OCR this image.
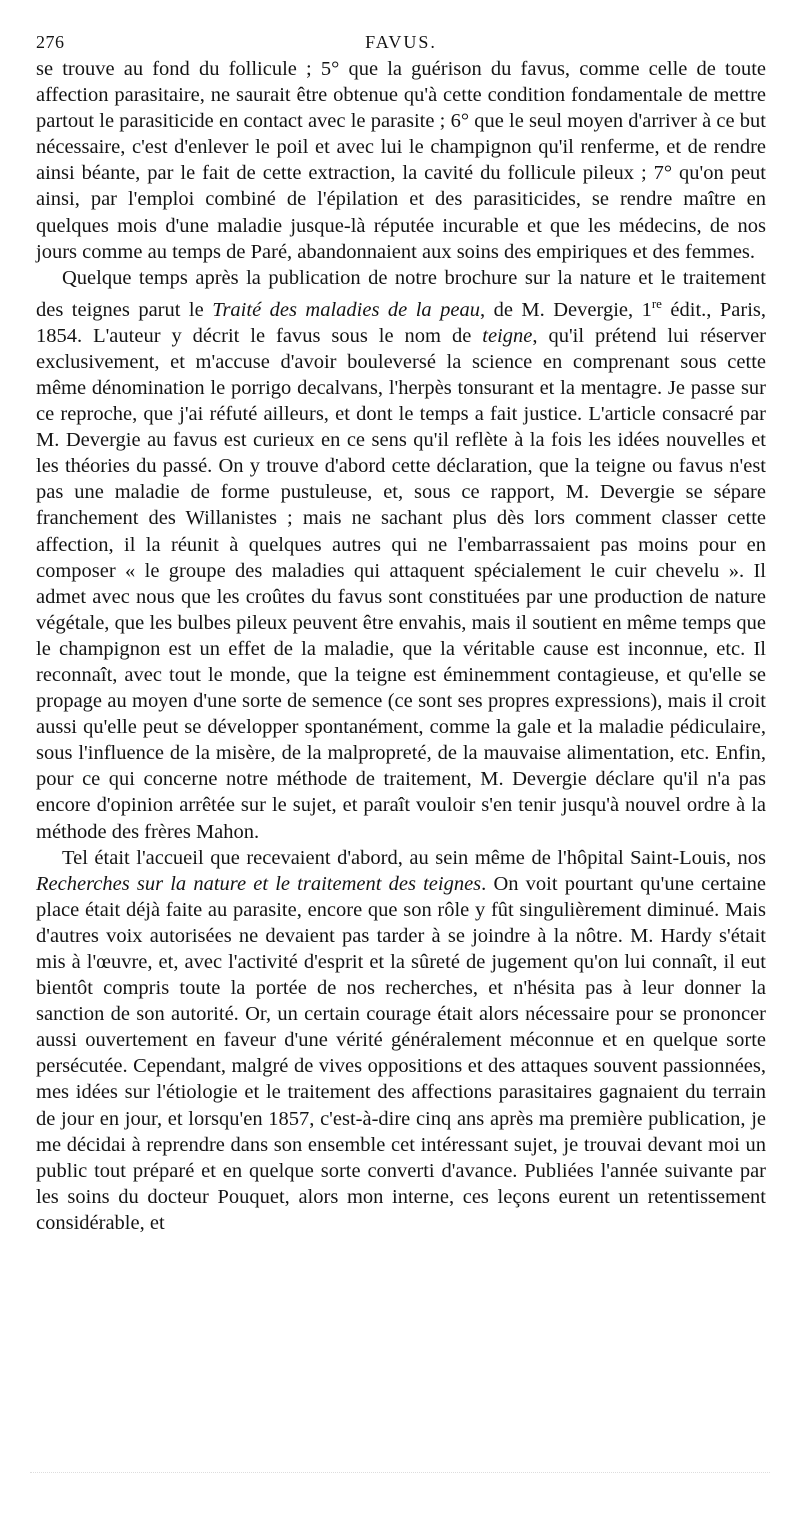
276	FAVUS.

se trouve au fond du follicule ; 5° que la guérison du favus, comme celle de toute affection parasitaire, ne saurait être obtenue qu'à cette condition fondamentale de mettre partout le parasiticide en contact avec le parasite ; 6° que le seul moyen d'arriver à ce but nécessaire, c'est d'enlever le poil et avec lui le champignon qu'il renferme, et de rendre ainsi béante, par le fait de cette extraction, la cavité du follicule pileux ; 7° qu'on peut ainsi, par l'emploi combiné de l'épilation et des parasiticides, se rendre maître en quelques mois d'une maladie jusque-là réputée incurable et que les médecins, de nos jours comme au temps de Paré, abandonnaient aux soins des empiriques et des femmes.

Quelque temps après la publication de notre brochure sur la nature et le traitement des teignes parut le Traité des maladies de la peau, de M. Devergie, 1re édit., Paris, 1854. L'auteur y décrit le favus sous le nom de teigne, qu'il prétend lui réserver exclusivement, et m'accuse d'avoir bouleversé la science en comprenant sous cette même dénomination le porrigo decalvans, l'herpès tonsurant et la mentagre. Je passe sur ce reproche, que j'ai réfuté ailleurs, et dont le temps a fait justice. L'article consacré par M. Devergie au favus est curieux en ce sens qu'il reflète à la fois les idées nouvelles et les théories du passé. On y trouve d'abord cette déclaration, que la teigne ou favus n'est pas une maladie de forme pustuleuse, et, sous ce rapport, M. Devergie se sépare franchement des Willanistes ; mais ne sachant plus dès lors comment classer cette affection, il la réunit à quelques autres qui ne l'embarrassaient pas moins pour en composer « le groupe des maladies qui attaquent spécialement le cuir chevelu ». Il admet avec nous que les croûtes du favus sont constituées par une production de nature végétale, que les bulbes pileux peuvent être envahis, mais il soutient en même temps que le champignon est un effet de la maladie, que la véritable cause est inconnue, etc. Il reconnaît, avec tout le monde, que la teigne est éminemment contagieuse, et qu'elle se propage au moyen d'une sorte de semence (ce sont ses propres expressions), mais il croit aussi qu'elle peut se développer spontanément, comme la gale et la maladie pédiculaire, sous l'influence de la misère, de la malpropreté, de la mauvaise alimentation, etc. Enfin, pour ce qui concerne notre méthode de traitement, M. Devergie déclare qu'il n'a pas encore d'opinion arrêtée sur le sujet, et paraît vouloir s'en tenir jusqu'à nouvel ordre à la méthode des frères Mahon.

Tel était l'accueil que recevaient d'abord, au sein même de l'hôpital Saint-Louis, nos Recherches sur la nature et le traitement des teignes. On voit pourtant qu'une certaine place était déjà faite au parasite, encore que son rôle y fût singulièrement diminué. Mais d'autres voix autorisées ne devaient pas tarder à se joindre à la nôtre. M. Hardy s'était mis à l'œuvre, et, avec l'activité d'esprit et la sûreté de jugement qu'on lui connaît, il eut bientôt compris toute la portée de nos recherches, et n'hésita pas à leur donner la sanction de son autorité. Or, un certain courage était alors nécessaire pour se prononcer aussi ouvertement en faveur d'une vérité généralement méconnue et en quelque sorte persécutée. Cependant, malgré de vives oppositions et des attaques souvent passionnées, mes idées sur l'étiologie et le traitement des affections parasitaires gagnaient du terrain de jour en jour, et lorsqu'en 1857, c'est-à-dire cinq ans après ma première publication, je me décidai à reprendre dans son ensemble cet intéressant sujet, je trouvai devant moi un public tout préparé et en quelque sorte converti d'avance. Publiées l'année suivante par les soins du docteur Pouquet, alors mon interne, ces leçons eurent un retentissement considérable, et
